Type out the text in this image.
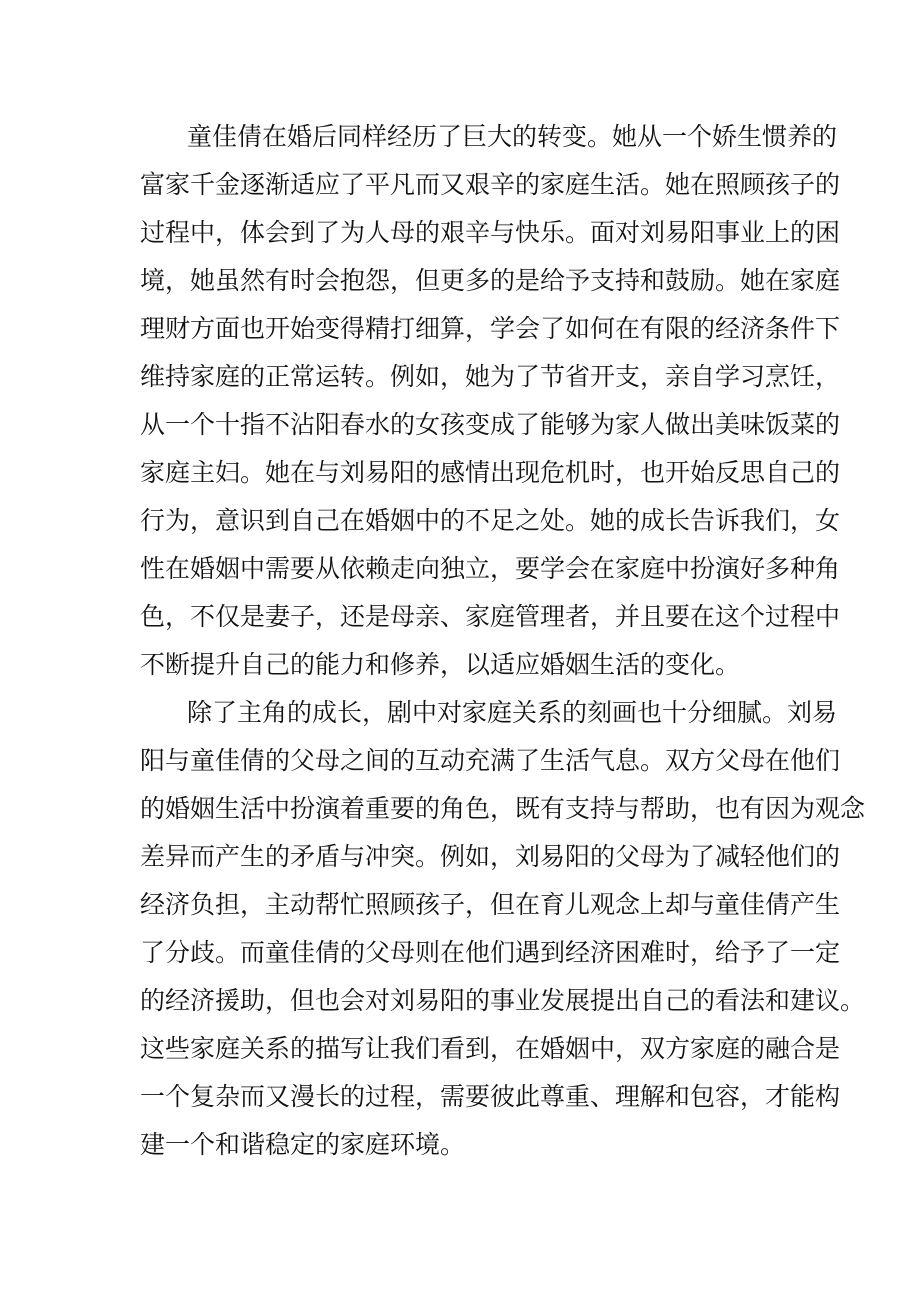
童佳倩在婚后同样经历了巨大的转变。她从一个娇生惯养的
富家千金逐渐适应了平凡而又艰辛的家庭生活。她在照顾孩子的
过程中，体会到了为人母的艰辛与快乐。面对刘易阳事业上的困
境，她虽然有时会抱怨，但更多的是给予支持和鼓励。她在家庭
理财方面也开始变得精打细算，学会了如何在有限的经济条件下
维持家庭的正常运转。例如，她为了节省开支，亲自学习烹饪，
从一个十指不沾阳春水的女孩变成了能够为家人做出美味饭菜的
家庭主妇。她在与刘易阳的感情出现危机时，也开始反思自己的
行为，意识到自己在婚姻中的不足之处。她的成长告诉我们，女
性在婚姻中需要从依赖走向独立，要学会在家庭中扮演好多种角
色，不仅是妻子，还是母亲、家庭管理者，并且要在这个过程中
不断提升自己的能力和修养，以适应婚姻生活的变化。
除了主角的成长，剧中对家庭关系的刻画也十分细腻。刘易
阳与童佳倩的父母之间的互动充满了生活气息。双方父母在他们
的婚姻生活中扮演着重要的角色，既有支持与帮助，也有因为观念
差异而产生的矛盾与冲突。例如，刘易阳的父母为了减轻他们的
经济负担，主动帮忙照顾孩子，但在育儿观念上却与童佳倩产生
了分歧。而童佳倩的父母则在他们遇到经济困难时，给予了一定
的经济援助，但也会对刘易阳的事业发展提出自己的看法和建议。
这些家庭关系的描写让我们看到，在婚姻中，双方家庭的融合是
一个复杂而又漫长的过程，需要彼此尊重、理解和包容，才能构
建一个和谐稳定的家庭环境。
